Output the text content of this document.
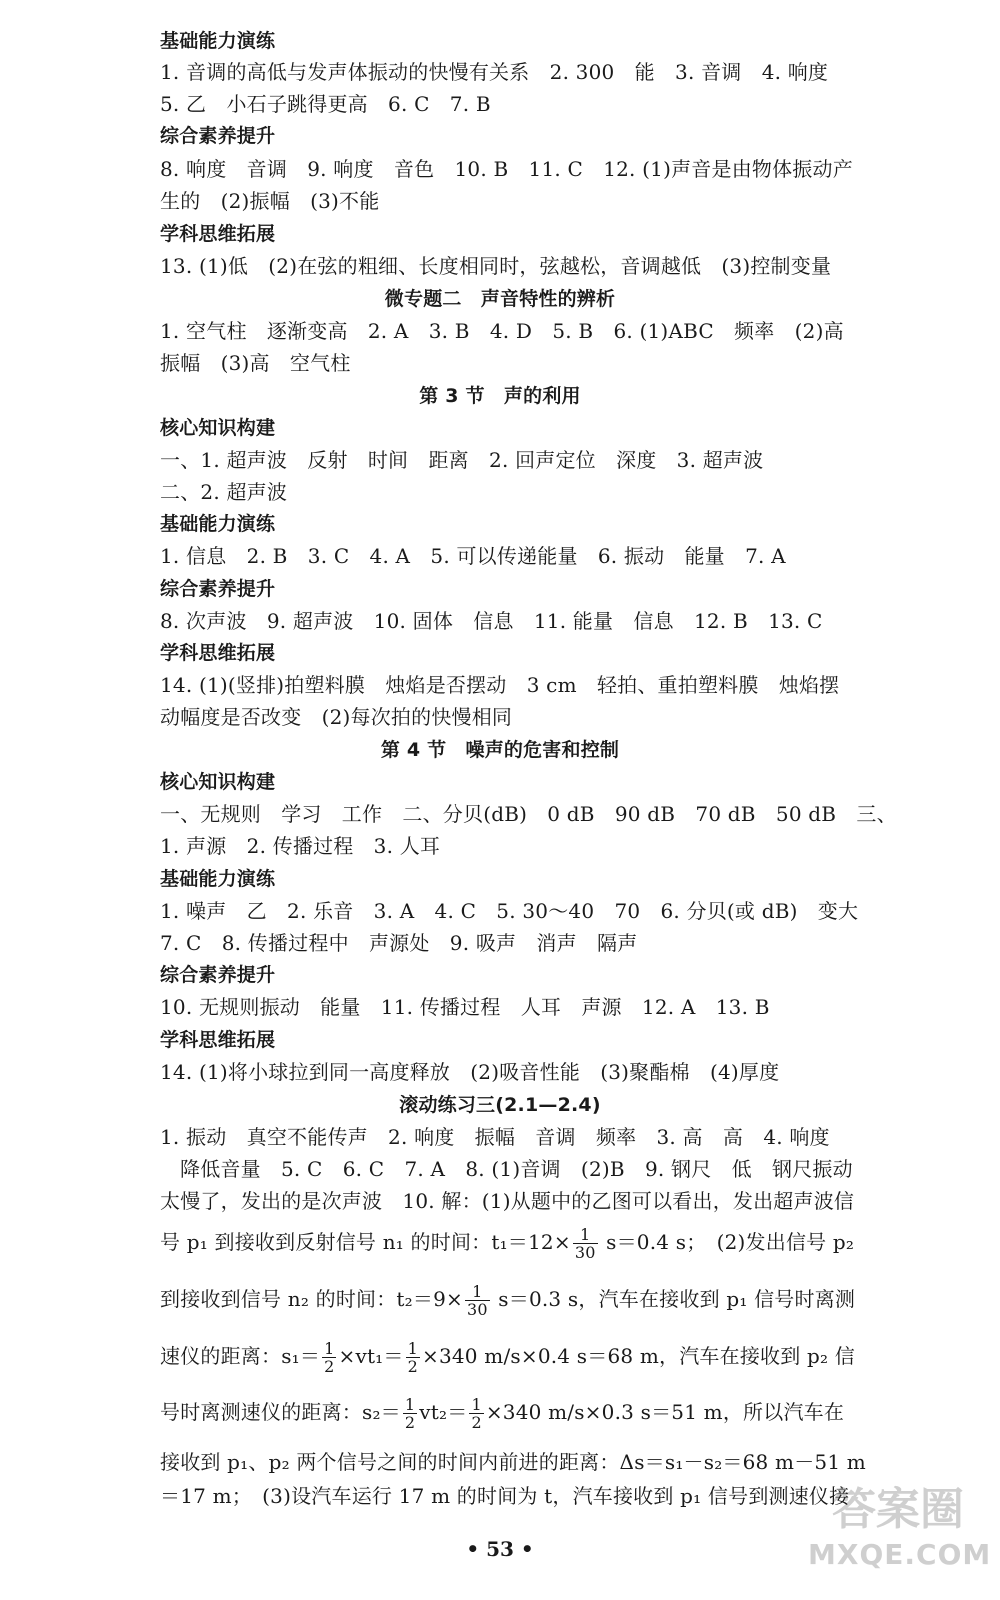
基础能力演练
1. 音调的高低与发声体振动的快慢有关系　2. 300　能　3. 音调　4. 响度
5. 乙　小石子跳得更高　6. C　7. B
综合素养提升
8. 响度　音调　9. 响度　音色　10. B　11. C　12. (1)声音是由物体振动产
生的　(2)振幅　(3)不能
学科思维拓展
13. (1)低　(2)在弦的粗细、长度相同时，弦越松，音调越低　(3)控制变量
微专题二　声音特性的辨析
1. 空气柱　逐渐变高　2. A　3. B　4. D　5. B　6. (1)ABC　频率　(2)高
振幅　(3)高　空气柱
第 3 节　声的利用
核心知识构建
一、1. 超声波　反射　时间　距离　2. 回声定位　深度　3. 超声波
二、2. 超声波
基础能力演练
1. 信息　2. B　3. C　4. A　5. 可以传递能量　6. 振动　能量　7. A
综合素养提升
8. 次声波　9. 超声波　10. 固体　信息　11. 能量　信息　12. B　13. C
学科思维拓展
14. (1)(竖排)拍塑料膜　烛焰是否摆动　3 cm　轻拍、重拍塑料膜　烛焰摆
动幅度是否改变　(2)每次拍的快慢相同
第 4 节　噪声的危害和控制
核心知识构建
一、无规则　学习　工作　二、分贝(dB)　0 dB　90 dB　70 dB　50 dB　三、
1. 声源　2. 传播过程　3. 人耳
基础能力演练
1. 噪声　乙　2. 乐音　3. A　4. C　5. 30～40　70　6. 分贝(或 dB)　变大
7. C　8. 传播过程中　声源处　9. 吸声　消声　隔声
综合素养提升
10. 无规则振动　能量　11. 传播过程　人耳　声源　12. A　13. B
学科思维拓展
14. (1)将小球拉到同一高度释放　(2)吸音性能　(3)聚酯棉　(4)厚度
滚动练习三(2.1—2.4)
1. 振动　真空不能传声　2. 响度　振幅　音调　频率　3. 高　高　4. 响度
降低音量　5. C　6. C　7. A　8. (1)音调　(2)B　9. 钢尺　低　钢尺振动
太慢了，发出的是次声波　10. 解：(1)从题中的乙图可以看出，发出超声波信
号 p₁ 到接收到反射信号 n₁ 的时间：$t_1=12\times \frac{1}{30} s=0.4$ s；　(2)发出信号 p₂
到接收到信号 n₂ 的时间：$t_2=9\times \frac{1}{30} s=0.3$ s，汽车在接收到 p₁ 信号时离测
速仪的距离：$s_1= \frac{1}{2} \times vt_1= \frac{1}{2} \times 340$ m/s×0.4 s＝68 m，汽车在接收到 p₂ 信
号时离测速仪的距离：$s_2= \frac{1}{2} vt_2= \frac{1}{2} \times 340$ m/s×0.3 s＝51 m，所以汽车在
接收到 p₁、p₂ 两个信号之间的时间内前进的距离：Δs＝s₁－s₂＝68 m－51 m
＝17 m；　(3)设汽车运行 17 m 的时间为 t，汽车接收到 p₁ 信号到测速仪接
• 53 •
答案圈
MXQE.COM
